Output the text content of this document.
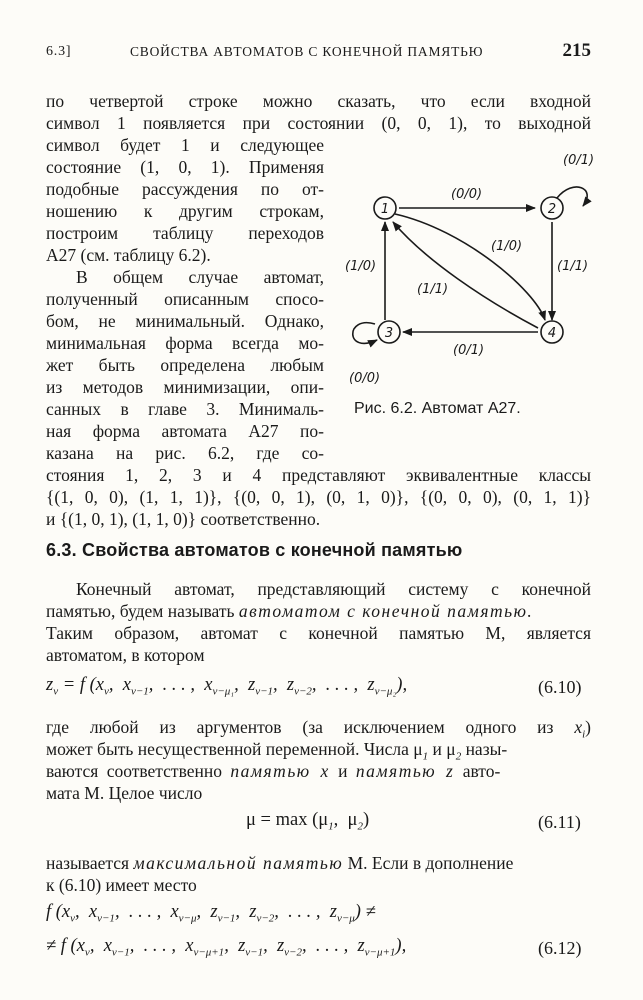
6.3]	СВОЙСТВА АВТОМАТОВ С КОНЕЧНОЙ ПАМЯТЬЮ	215
по четвертой строке можно сказать, что если входной
символ 1 появляется при состоянии (0, 0, 1), то выходной
символ будет 1 и следующее
состояние (1, 0, 1). Применяя
подобные рассуждения по от-
ношению к другим строкам,
построим таблицу переходов
А27 (см. таблицу 6.2).
В общем случае автомат,
полученный описанным спосо-
бом, не минимальный. Однако,
минимальная форма всегда мо-
жет быть определена любым
из методов минимизации, опи-
санных в главе 3. Минималь-
ная форма автомата А27 по-
казана на рис. 6.2, где со-
стояния 1, 2, 3 и 4 представляют эквивалентные классы
{(1, 0, 0), (1, 1, 1)}, {(0, 0, 1), (0, 1, 0)}, {(0, 0, 0), (0, 1, 1)}
и {(1, 0, 1), (1, 1, 0)} соответственно.
1	2
3	4
(0/1)
(0/0)
(1/1)
(1/0)
(1/1)
(1/0)
(0/1)
(0/0)
Рис. 6.2. Автомат А27.
6.3. Свойства автоматов с конечной памятью
Конечный автомат, представляющий систему с конечной
памятью, будем называть автоматом с конечной памятью.
Таким образом, автомат с конечной памятью М, является
автоматом, в котором
$z_\nu = f$ ($x_\nu$,  $x_{\nu-1}$,  . . . ,  $x_{\nu-\mu_1}$,  $z_{\nu-1}$,  $z_{\nu-2}$,  . . . ,  $z_{\nu-\mu_2}$),	(6.10)
где любой из аргументов (за исключением одного из $x_i$)
может быть несущественной переменной. Числа $\mu_1$ и $\mu_2$ назы-
ваются соответственно памятью x и памятью z авто-
мата М. Целое число
$\mu = \max (\mu_1$,  $\mu_2$)	(6.11)
называется максимальной памятью М. Если в дополнение
к (6.10) имеет место
f ($x_\nu$,  $x_{\nu-1}$,  . . . ,  $x_{\nu-\mu}$,  $z_{\nu-1}$,  $z_{\nu-2}$,  . . . ,  $z_{\nu-\mu}$) ≠
≠ f ($x_\nu$,  $x_{\nu-1}$,  . . . ,  $x_{\nu-\mu+1}$,  $z_{\nu-1}$,  $z_{\nu-2}$,  . . . ,  $z_{\nu-\mu+1}$),	(6.12)
